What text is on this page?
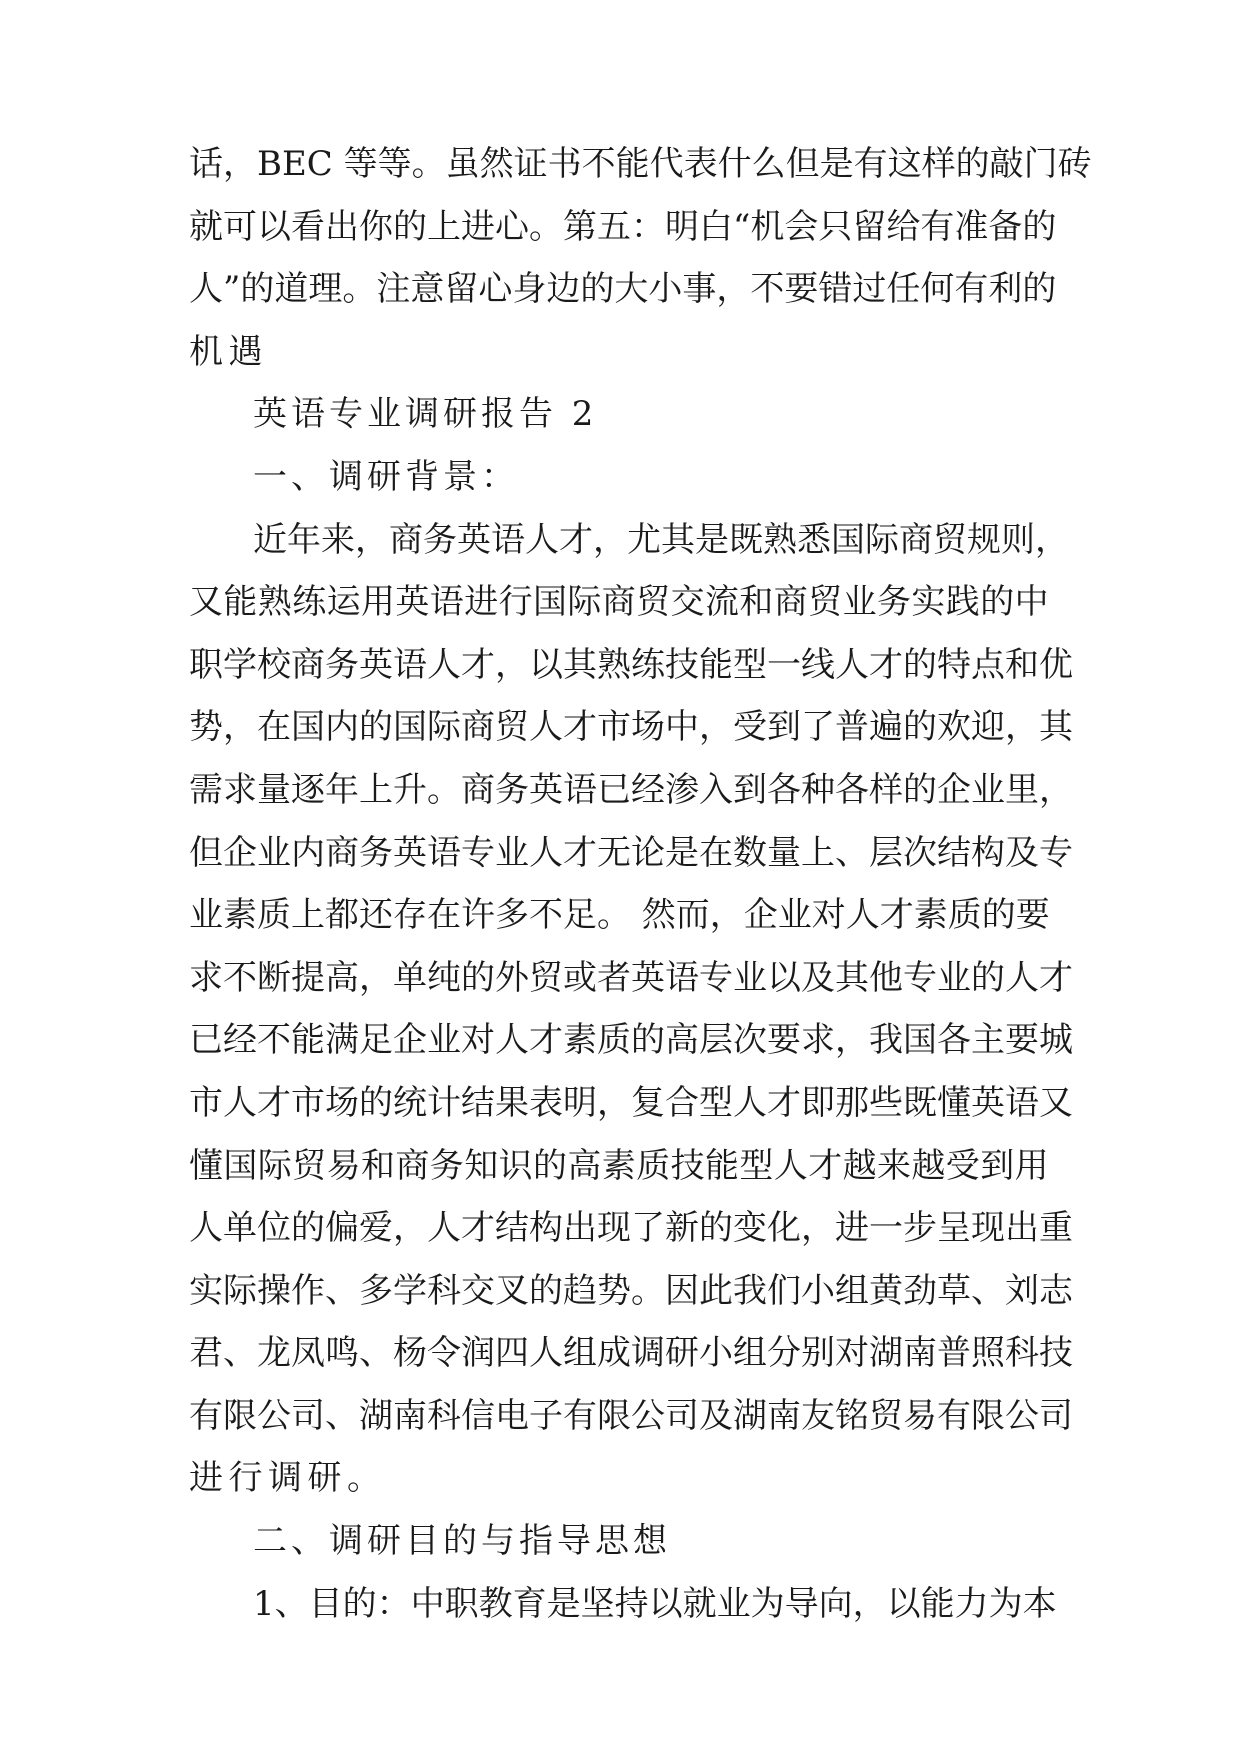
话，BEC 等等。虽然证书不能代表什么但是有这样的敲门砖
就可以看出你的上进心。第五：明白“机会只留给有准备的
人”的道理。注意留心身边的大小事，不要错过任何有利的
机遇
英语专业调研报告 2
一、调研背景：
近年来，商务英语人才，尤其是既熟悉国际商贸规则，
又能熟练运用英语进行国际商贸交流和商贸业务实践的中
职学校商务英语人才，以其熟练技能型一线人才的特点和优
势，在国内的国际商贸人才市场中，受到了普遍的欢迎，其
需求量逐年上升。商务英语已经渗入到各种各样的企业里，
但企业内商务英语专业人才无论是在数量上、层次结构及专
业素质上都还存在许多不足。 然而，企业对人才素质的要
求不断提高，单纯的外贸或者英语专业以及其他专业的人才
已经不能满足企业对人才素质的高层次要求，我国各主要城
市人才市场的统计结果表明，复合型人才即那些既懂英语又
懂国际贸易和商务知识的高素质技能型人才越来越受到用
人单位的偏爱，人才结构出现了新的变化，进一步呈现出重
实际操作、多学科交叉的趋势。因此我们小组黄劲草、刘志
君、龙凤鸣、杨令润四人组成调研小组分别对湖南普照科技
有限公司、湖南科信电子有限公司及湖南友铭贸易有限公司
进行调研。
二、调研目的与指导思想
1、目的：中职教育是坚持以就业为导向，以能力为本
